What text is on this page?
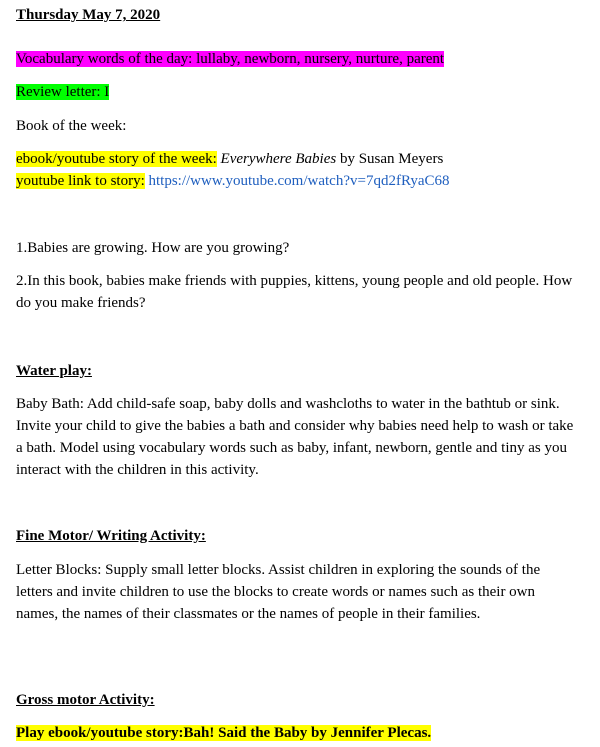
Thursday May 7, 2020
Vocabulary words of the day: lullaby, newborn, nursery, nurture, parent
Review letter: I
Book of the week:
ebook/youtube story of the week: Everywhere Babies by Susan Meyers
youtube link to story: https://www.youtube.com/watch?v=7qd2fRyaC68
1.Babies are growing. How are you growing?
2.In this book, babies make friends with puppies, kittens, young people and old people. How do you make friends?
Water play:
Baby Bath: Add child-safe soap, baby dolls and washcloths to water in the bathtub or sink. Invite your child to give the babies a bath and consider why babies need help to wash or take a bath. Model using vocabulary words such as baby, infant, newborn, gentle and tiny as you interact with the children in this activity.
Fine Motor/ Writing Activity:
Letter Blocks: Supply small letter blocks. Assist children in exploring the sounds of the letters and invite children to use the blocks to create words or names such as their own names, the names of their classmates or the names of people in their families.
Gross motor Activity:
Play ebook/youtube story:Bah! Said the Baby by Jennifer Plecas.
